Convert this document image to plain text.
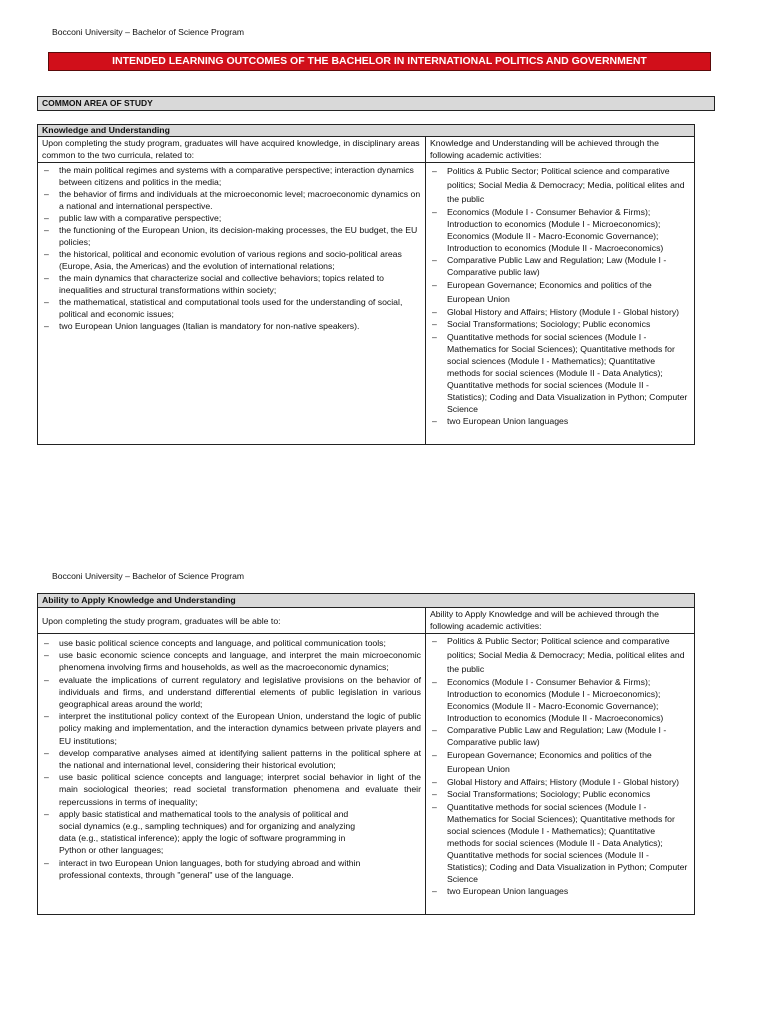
Bocconi University – Bachelor of Science Program
INTENDED LEARNING OUTCOMES OF THE BACHELOR IN INTERNATIONAL POLITICS AND GOVERNMENT
COMMON AREA OF STUDY
Knowledge and Understanding
Upon completing the study program, graduates will have acquired knowledge, in disciplinary areas common to the two curricula, related to:
Knowledge and Understanding will be achieved through the following academic activities:
– the main political regimes and systems with a comparative perspective; interaction dynamics between citizens and politics in the media;
– the behavior of firms and individuals at the microeconomic level; macroeconomic dynamics on a national and international perspective.
– public law with a comparative perspective;
– the functioning of the European Union, its decision-making processes, the EU budget, the EU policies;
– the historical, political and economic evolution of various regions and socio-political areas (Europe, Asia, the Americas) and the evolution of international relations;
– the main dynamics that characterize social and collective behaviors; topics related to inequalities and structural transformations within society;
– the mathematical, statistical and computational tools used for the understanding of social, political and economic issues;
– two European Union languages (Italian is mandatory for non-native speakers).
– Politics & Public Sector; Political science and comparative politics; Social Media & Democracy; Media, political elites and the public
– Economics (Module I - Consumer Behavior & Firms); Introduction to economics (Module I - Microeconomics); Economics (Module II - Macro-Economic Governance); Introduction to economics (Module II - Macroeconomics)
– Comparative Public Law and Regulation; Law (Module I - Comparative public law)
– European Governance; Economics and politics of the European Union
– Global History and Affairs; History (Module I - Global history)
– Social Transformations; Sociology; Public economics
– Quantitative methods for social sciences (Module I - Mathematics for Social Sciences); Quantitative methods for social sciences (Module I - Mathematics); Quantitative methods for social sciences (Module II - Data Analytics); Quantitative methods for social sciences (Module II - Statistics); Coding and Data Visualization in Python; Computer Science
– two European Union languages
Bocconi University – Bachelor of Science Program
Ability to Apply Knowledge and Understanding
Upon completing the study program, graduates will be able to:
Ability to Apply Knowledge and will be achieved through the following academic activities:
– use basic political science concepts and language, and political communication tools;
– use basic economic science concepts and language, and interpret the main microeconomic phenomena involving firms and households, as well as the macroeconomic dynamics;
– evaluate the implications of current regulatory and legislative provisions on the behavior of individuals and firms, and understand differential elements of public legislation in various geographical areas around the world;
– interpret the institutional policy context of the European Union, understand the logic of public policy making and implementation, and the interaction dynamics between private players and EU institutions;
– develop comparative analyses aimed at identifying salient patterns in the political sphere at the national and international level, considering their historical evolution;
– use basic political science concepts and language; interpret social behavior in light of the main sociological theories; read societal transformation phenomena and evaluate their repercussions in terms of inequality;
– apply basic statistical and mathematical tools to the analysis of political and social dynamics (e.g., sampling techniques) and for organizing and analyzing data (e.g., statistical inference); apply the logic of software programming in Python or other languages;
– interact in two European Union languages, both for studying abroad and within professional contexts, through "general" use of the language.
– Politics & Public Sector; Political science and comparative politics; Social Media & Democracy; Media, political elites and the public
– Economics (Module I - Consumer Behavior & Firms); Introduction to economics (Module I - Microeconomics); Economics (Module II - Macro-Economic Governance); Introduction to economics (Module II - Macroeconomics)
– Comparative Public Law and Regulation; Law (Module I - Comparative public law)
– European Governance; Economics and politics of the European Union
– Global History and Affairs; History (Module I - Global history)
– Social Transformations; Sociology; Public economics
– Quantitative methods for social sciences (Module I - Mathematics for Social Sciences); Quantitative methods for social sciences (Module I - Mathematics); Quantitative methods for social sciences (Module II - Data Analytics); Quantitative methods for social sciences (Module II - Statistics); Coding and Data Visualization in Python; Computer Science
– two European Union languages
